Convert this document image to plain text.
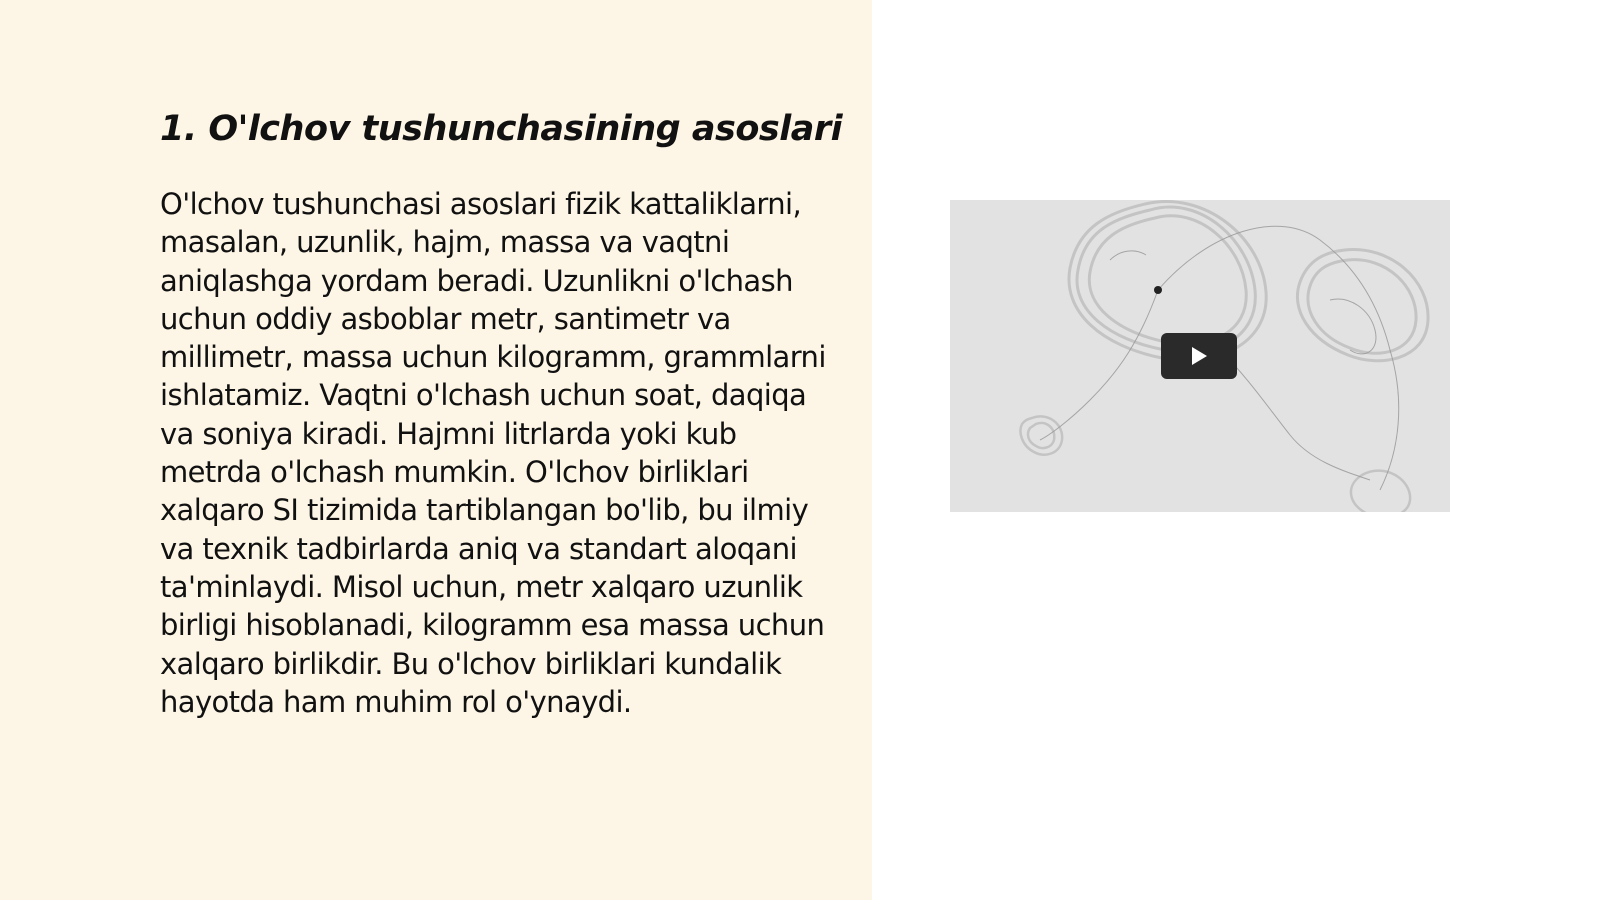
1. O'lchov tushunchasining asoslari

O'lchov tushunchasi asoslari fizik kattaliklarni, masalan, uzunlik, hajm, massa va vaqtni aniqlashga yordam beradi. Uzunlikni o'lchash uchun oddiy asboblar metr, santimetr va millimetr, massa uchun kilogramm, grammlarni ishlatamiz. Vaqtni o'lchash uchun soat, daqiqa va soniya kiradi. Hajmni litrlarda yoki kub metrda o'lchash mumkin. O'lchov birliklari xalqaro SI tizimida tartiblangan bo'lib, bu ilmiy va texnik tadbirlarda aniq va standart aloqani ta'minlaydi. Misol uchun, metr xalqaro uzunlik birligi hisoblanadi, kilogramm esa massa uchun xalqaro birlikdir. Bu o'lchov birliklari kundalik hayotda ham muhim rol o'ynaydi.
